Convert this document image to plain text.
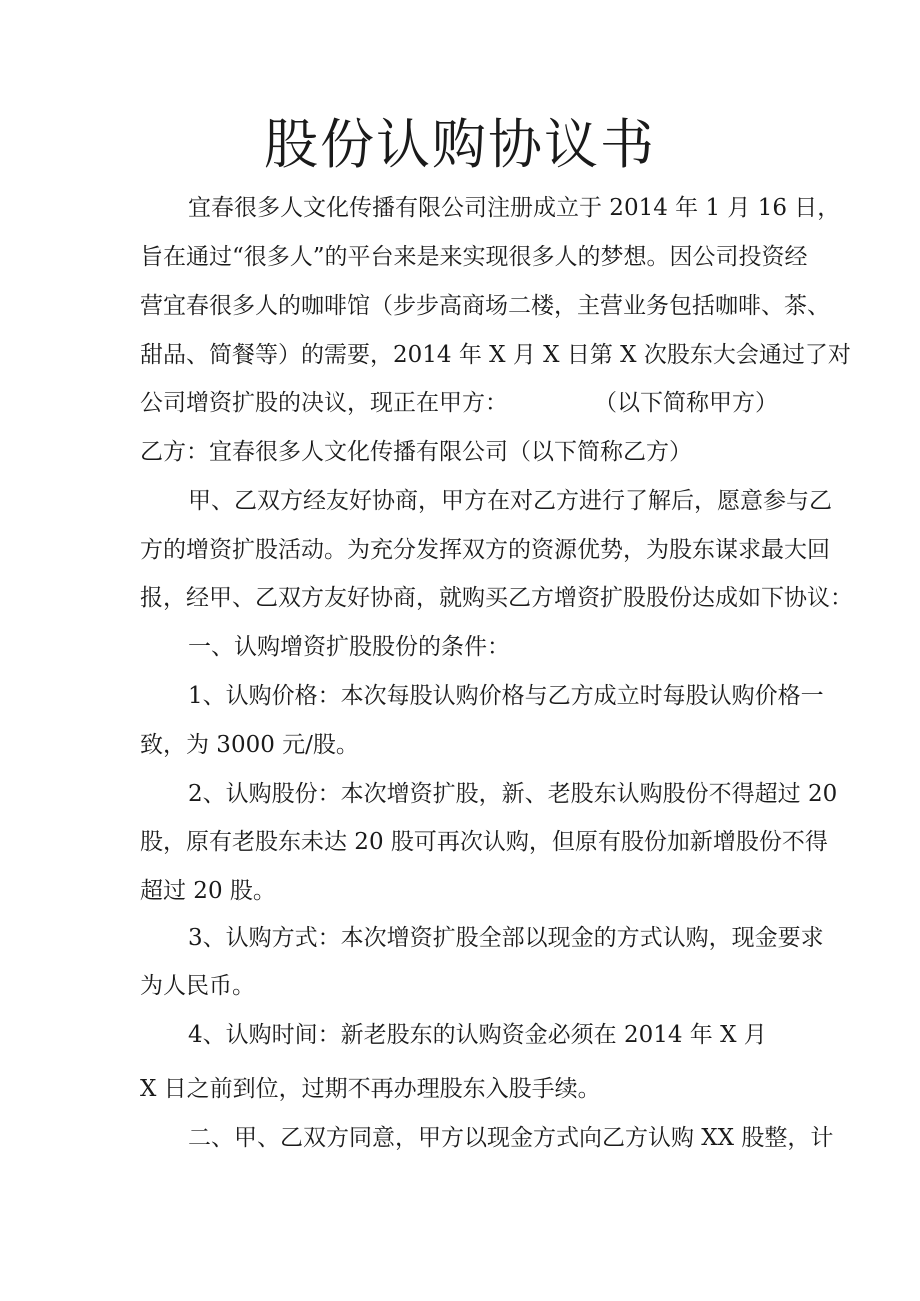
股份认购协议书
宜春很多人文化传播有限公司注册成立于 2014 年 1 月 16 日，
旨在通过“很多人”的平台来是来实现很多人的梦想。因公司投资经
营宜春很多人的咖啡馆（步步高商场二楼，主营业务包括咖啡、茶、
甜品、简餐等）的需要，2014 年 X 月 X 日第 X 次股东大会通过了对
公司增资扩股的决议，现正在甲方：	（以下简称甲方）
乙方：宜春很多人文化传播有限公司（以下简称乙方）
甲、乙双方经友好协商，甲方在对乙方进行了解后，愿意参与乙
方的增资扩股活动。为充分发挥双方的资源优势，为股东谋求最大回
报，经甲、乙双方友好协商，就购买乙方增资扩股股份达成如下协议：
一、认购增资扩股股份的条件：
1、认购价格：本次每股认购价格与乙方成立时每股认购价格一
致，为 3000 元/股。
2、认购股份：本次增资扩股，新、老股东认购股份不得超过 20
股，原有老股东未达 20 股可再次认购，但原有股份加新增股份不得
超过 20 股。
3、认购方式：本次增资扩股全部以现金的方式认购，现金要求
为人民币。
4、认购时间：新老股东的认购资金必须在 2014 年 X 月
X 日之前到位，过期不再办理股东入股手续。
二、甲、乙双方同意，甲方以现金方式向乙方认购 XX 股整，计
